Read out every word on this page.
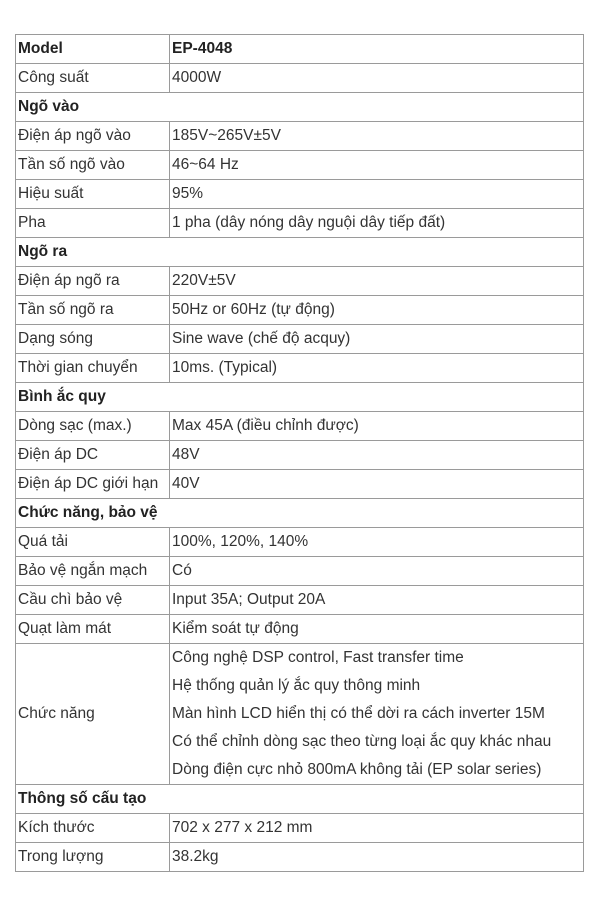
Model	EP-4048
Công suất	4000W
Ngõ vào	
Điện áp ngõ vào	185V~265V±5V
Tần số ngõ vào	46~64 Hz
Hiệu suất	95%
Pha	1 pha (dây nóng dây nguội dây tiếp đất)
Ngõ ra	
Điện áp ngõ ra	220V±5V
Tần số ngõ ra	50Hz or 60Hz (tự động)
Dạng sóng	Sine wave (chế độ acquy)
Thời gian chuyển	10ms. (Typical)
Bình ắc quy	
Dòng sạc (max.)	Max 45A (điều chỉnh được)
Điện áp DC	48V
Điện áp DC giới hạn	40V
Chức năng, bảo vệ	
Quá tải	100%, 120%, 140%
Bảo vệ ngắn mạch	Có
Cầu chì bảo vệ	Input 35A; Output 20A
Quạt làm mát	Kiểm soát tự động
Chức năng	Công nghệ DSP control, Fast transfer time
Hệ thống quản lý ắc quy thông minh
Màn hình LCD hiển thị có thể dời ra cách inverter 15M
Có thể chỉnh dòng sạc theo từng loại ắc quy khác nhau
Dòng điện cực nhỏ 800mA không tải (EP solar series)

Thông số cấu tạo	
Kích thước	702 x 277 x 212 mm
Trong lượng	38.2kg
